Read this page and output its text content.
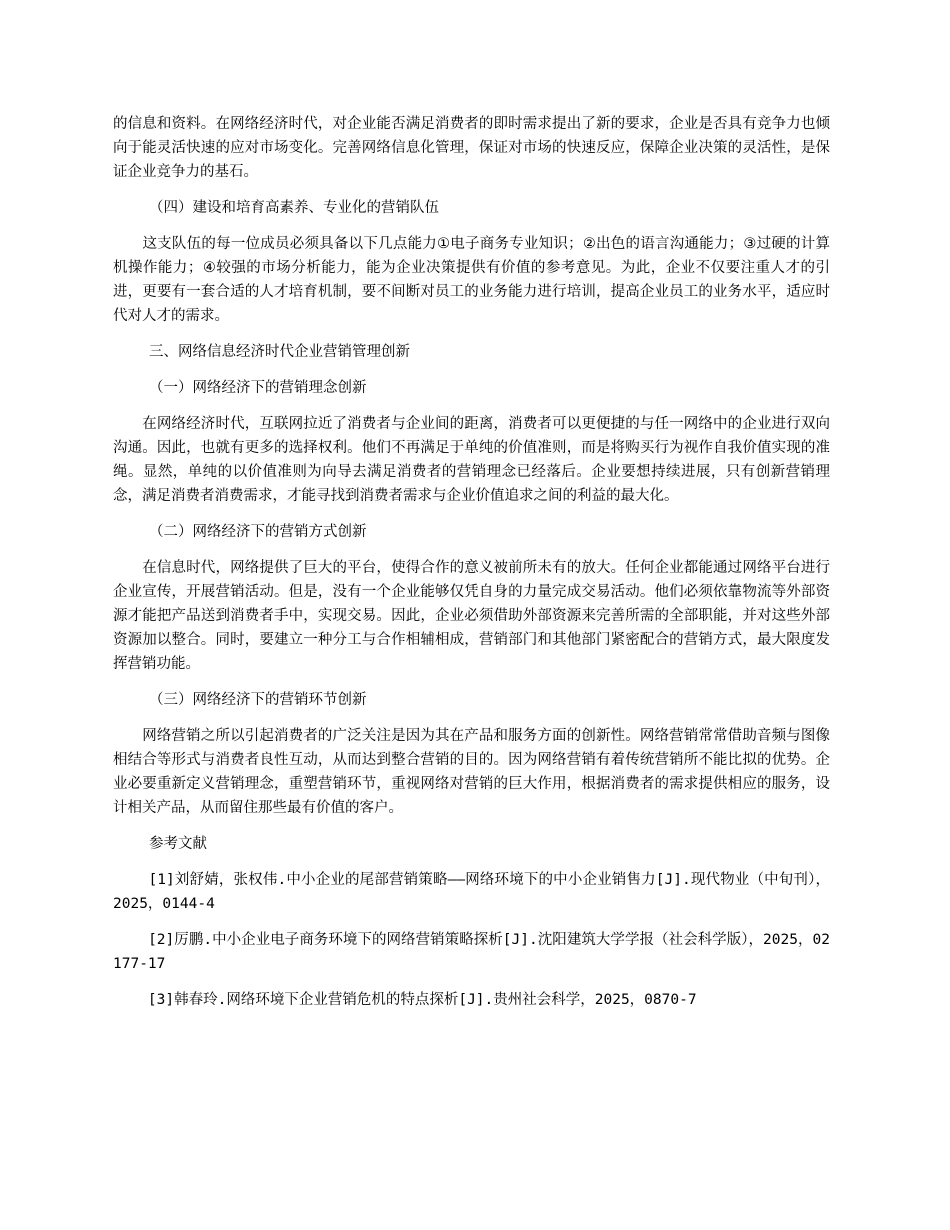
的信息和资料。在网络经济时代，对企业能否满足消费者的即时需求提出了新的要求，企业是否具有竞争力也倾向于能灵活快速的应对市场变化。完善网络信息化管理，保证对市场的快速反应，保障企业决策的灵活性，是保证企业竞争力的基石。

（四）建设和培育高素养、专业化的营销队伍

　　这支队伍的每一位成员必须具备以下几点能力①电子商务专业知识；②出色的语言沟通能力；③过硬的计算机操作能力；④较强的市场分析能力，能为企业决策提供有价值的参考意见。为此，企业不仅要注重人才的引进，更要有一套合适的人才培育机制，要不间断对员工的业务能力进行培训，提高企业员工的业务水平，适应时代对人才的需求。

三、网络信息经济时代企业营销管理创新

（一）网络经济下的营销理念创新

　　在网络经济时代，互联网拉近了消费者与企业间的距离，消费者可以更便捷的与任一网络中的企业进行双向沟通。因此，也就有更多的选择权利。他们不再满足于单纯的价值准则，而是将购买行为视作自我价值实现的准绳。显然，单纯的以价值准则为向导去满足消费者的营销理念已经落后。企业要想持续进展，只有创新营销理念，满足消费者消费需求，才能寻找到消费者需求与企业价值追求之间的利益的最大化。

（二）网络经济下的营销方式创新

　　在信息时代，网络提供了巨大的平台，使得合作的意义被前所未有的放大。任何企业都能通过网络平台进行企业宣传，开展营销活动。但是，没有一个企业能够仅凭自身的力量完成交易活动。他们必须依靠物流等外部资源才能把产品送到消费者手中，实现交易。因此，企业必须借助外部资源来完善所需的全部职能，并对这些外部资源加以整合。同时，要建立一种分工与合作相辅相成，营销部门和其他部门紧密配合的营销方式，最大限度发挥营销功能。

（三）网络经济下的营销环节创新

　　网络营销之所以引起消费者的广泛关注是因为其在产品和服务方面的创新性。网络营销常常借助音频与图像相结合等形式与消费者良性互动，从而达到整合营销的目的。因为网络营销有着传统营销所不能比拟的优势。企业必要重新定义营销理念，重塑营销环节，重视网络对营销的巨大作用，根据消费者的需求提供相应的服务，设计相关产品，从而留住那些最有价值的客户。

参考文献

[1]刘舒婧，张权伟.中小企业的尾部营销策略——网络环境下的中小企业销售力[J].现代物业（中旬刊），2025，0144-4

[2]厉鹏.中小企业电子商务环境下的网络营销策略探析[J].沈阳建筑大学学报（社会科学版），2025，02177-17

[3]韩春玲.网络环境下企业营销危机的特点探析[J].贵州社会科学，2025，0870-7
